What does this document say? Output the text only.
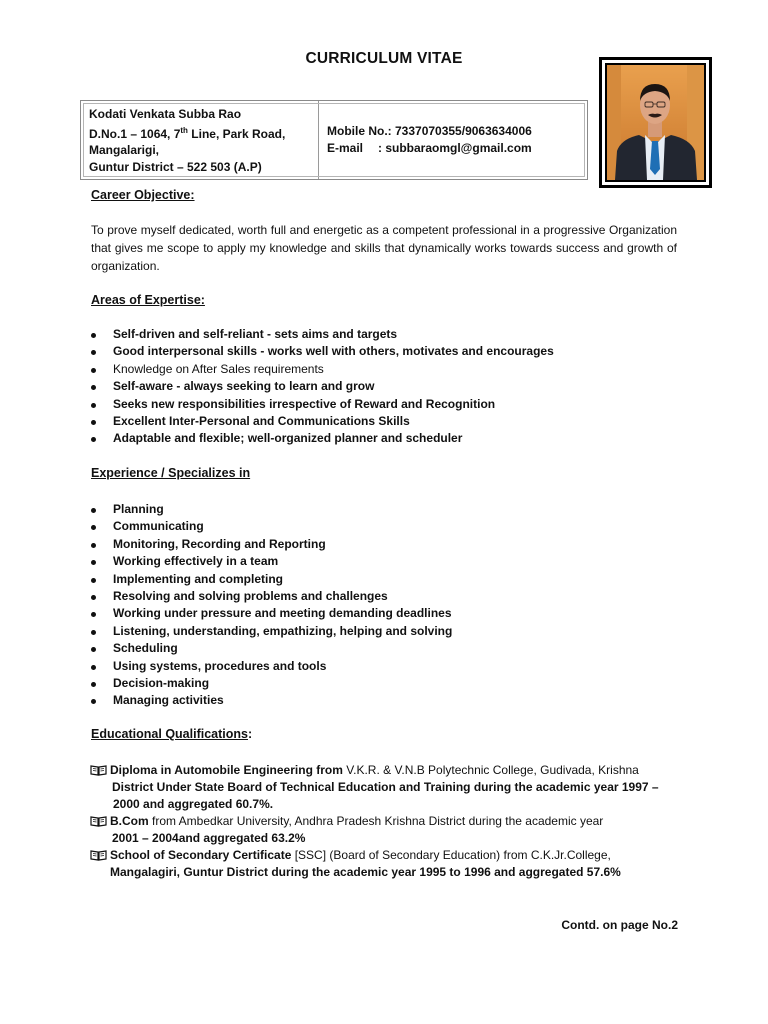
CURRICULUM VITAE
Kodati Venkata Subba Rao
D.No.1 – 1064, 7th Line, Park Road,
Mangalarigi,
Guntur District – 522 503 (A.P)
Mobile No.: 7337070355/9063634006
E-mail	: subbaraomgl@gmail.com
Career Objective:
To prove myself dedicated, worth full and energetic as a competent professional in a progressive Organization that gives me scope to apply my knowledge and skills that dynamically works towards success and growth of organization.
Areas of Expertise:
Self-driven and self-reliant - sets aims and targets
Good interpersonal skills - works well with others, motivates and encourages
Knowledge on After Sales requirements
Self-aware - always seeking to learn and grow
Seeks new responsibilities irrespective of Reward and Recognition
Excellent Inter-Personal and Communications Skills
Adaptable and flexible; well-organized planner and scheduler
Experience / Specializes in
Planning
Communicating
Monitoring, Recording and Reporting
Working effectively in a team
Implementing and completing
Resolving and solving problems and challenges
Working under pressure and meeting demanding deadlines
Listening, understanding, empathizing, helping and solving
Scheduling
Using systems, procedures and tools
Decision-making
Managing activities
Educational Qualifications:
Diploma in Automobile Engineering from V.K.R. & V.N.B Polytechnic College, Gudivada, Krishna
District Under State Board of Technical Education and Training during the academic year 1997 –
2000 and aggregated 60.7%.
B.Com from Ambedkar University, Andhra Pradesh Krishna District during the academic year
2001 – 2004and aggregated 63.2%
School of Secondary Certificate [SSC] (Board of Secondary Education) from C.K.Jr.College,
Mangalagiri, Guntur District during the academic year 1995 to 1996 and aggregated 57.6%
Contd. on page No.2
